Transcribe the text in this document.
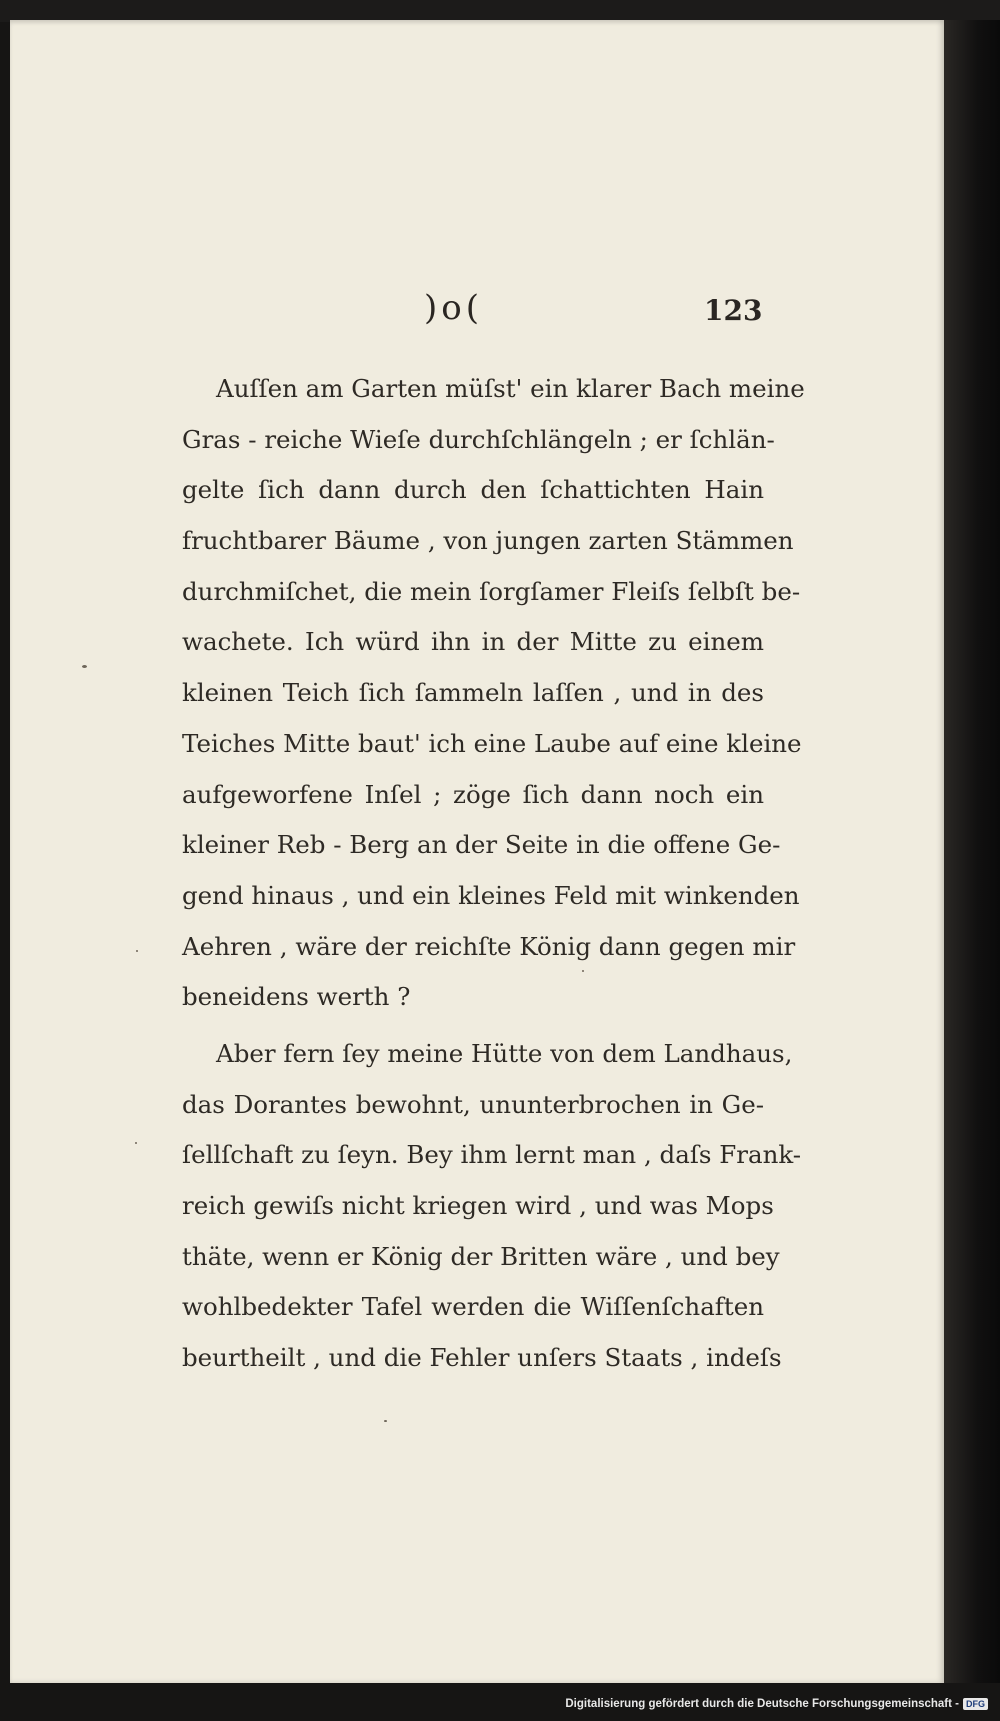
)o(	123
Auſſen am Garten müſst' ein klarer Bach meine
Gras - reiche Wieſe durchſchlängeln ; er ſchlän-
gelte ſich dann durch den ſchattichten Hain
fruchtbarer Bäume , von jungen zarten Stämmen
durchmiſchet, die mein ſorgſamer Fleiſs ſelbſt be-
wachete. Ich würd ihn in der Mitte zu einem
kleinen Teich ſich ſammeln laſſen , und in des
Teiches Mitte baut' ich eine Laube auf eine kleine
aufgeworfene Inſel ; zöge ſich dann noch ein
kleiner Reb - Berg an der Seite in die offene Ge-
gend hinaus , und ein kleines Feld mit winkenden
Aehren , wäre der reichſte König dann gegen mir
beneidens werth ?
Aber fern ſey meine Hütte von dem Landhaus,
das Dorantes bewohnt, ununterbrochen in Ge-
ſellſchaft zu ſeyn. Bey ihm lernt man , daſs Frank-
reich gewiſs nicht kriegen wird , und was Mops
thäte, wenn er König der Britten wäre , und bey
wohlbedekter Tafel werden die Wiſſenſchaften
beurtheilt , und die Fehler unſers Staats , indeſs
Digitalisierung gefördert durch die Deutsche Forschungsgemeinschaft - DFG
